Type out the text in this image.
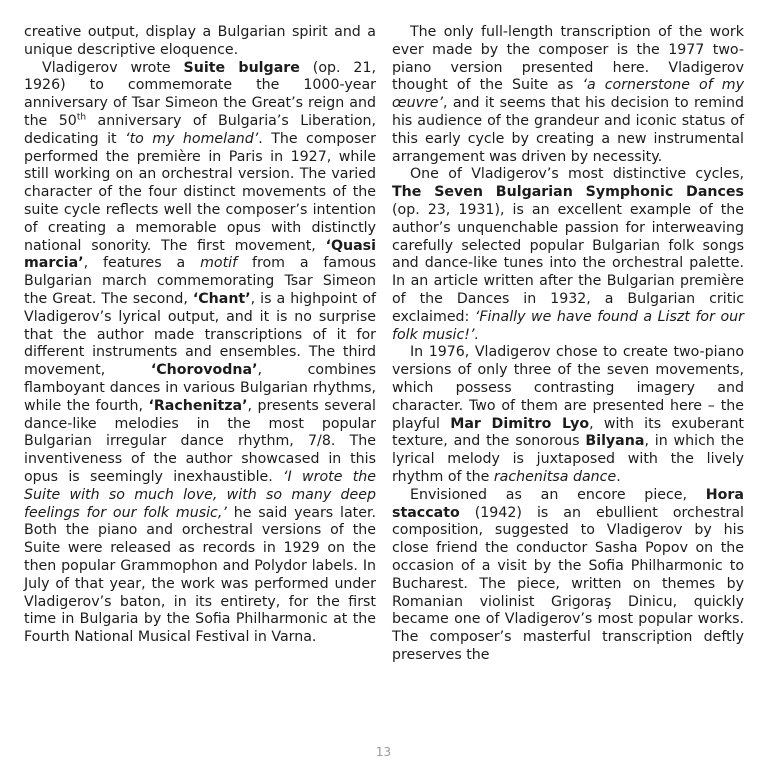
creative output, display a Bulgarian spirit and a unique descriptive eloquence.

Vladigerov wrote Suite bulgare (op. 21, 1926) to commemorate the 1000-year anniversary of Tsar Simeon the Great’s reign and the 50th anniversary of Bulgaria’s Liberation, dedicating it ‘to my homeland’. The composer performed the première in Paris in 1927, while still working on an orchestral version. The varied character of the four distinct movements of the suite cycle reflects well the composer’s intention of creating a memorable opus with distinctly national sonority. The first movement, ‘Quasi marcia’, features a motif from a famous Bulgarian march commemorating Tsar Simeon the Great. The second, ‘Chant’, is a highpoint of Vladigerov’s lyrical output, and it is no surprise that the author made transcriptions of it for different instruments and ensembles. The third movement, ‘Chorovodna’, combines flamboyant dances in various Bulgarian rhythms, while the fourth, ‘Rachenitza’, presents several dance-like melodies in the most popular Bulgarian irregular dance rhythm, 7/8. The inventiveness of the author showcased in this opus is seemingly inexhaustible. ‘I wrote the Suite with so much love, with so many deep feelings for our folk music,’ he said years later. Both the piano and orchestral versions of the Suite were released as records in 1929 on the then popular Grammophon and Polydor labels. In July of that year, the work was performed under Vladigerov’s baton, in its entirety, for the first time in Bulgaria by the Sofia Philharmonic at the Fourth National Musical Festival in Varna.

The only full-length transcription of the work ever made by the composer is the 1977 two-piano version presented here. Vladigerov thought of the Suite as ‘a cornerstone of my œuvre’, and it seems that his decision to remind his audience of the grandeur and iconic status of this early cycle by creating a new instrumental arrangement was driven by necessity.

One of Vladigerov’s most distinctive cycles, The Seven Bulgarian Symphonic Dances (op. 23, 1931), is an excellent example of the author’s unquenchable passion for interweaving carefully selected popular Bulgarian folk songs and dance-like tunes into the orchestral palette. In an article written after the Bulgarian première of the Dances in 1932, a Bulgarian critic exclaimed: ‘Finally we have found a Liszt for our folk music!’.

In 1976, Vladigerov chose to create two-piano versions of only three of the seven movements, which possess contrasting imagery and character. Two of them are presented here – the playful Mar Dimitro Lyo, with its exuberant texture, and the sonorous Bilyana, in which the lyrical melody is juxtaposed with the lively rhythm of the rachenitsa dance.

Envisioned as an encore piece, Hora staccato (1942) is an ebullient orchestral composition, suggested to Vladigerov by his close friend the conductor Sasha Popov on the occasion of a visit by the Sofia Philharmonic to Bucharest. The piece, written on themes by Romanian violinist Grigoraş Dinicu, quickly became one of Vladigerov’s most popular works. The composer’s masterful transcription deftly preserves the

13
